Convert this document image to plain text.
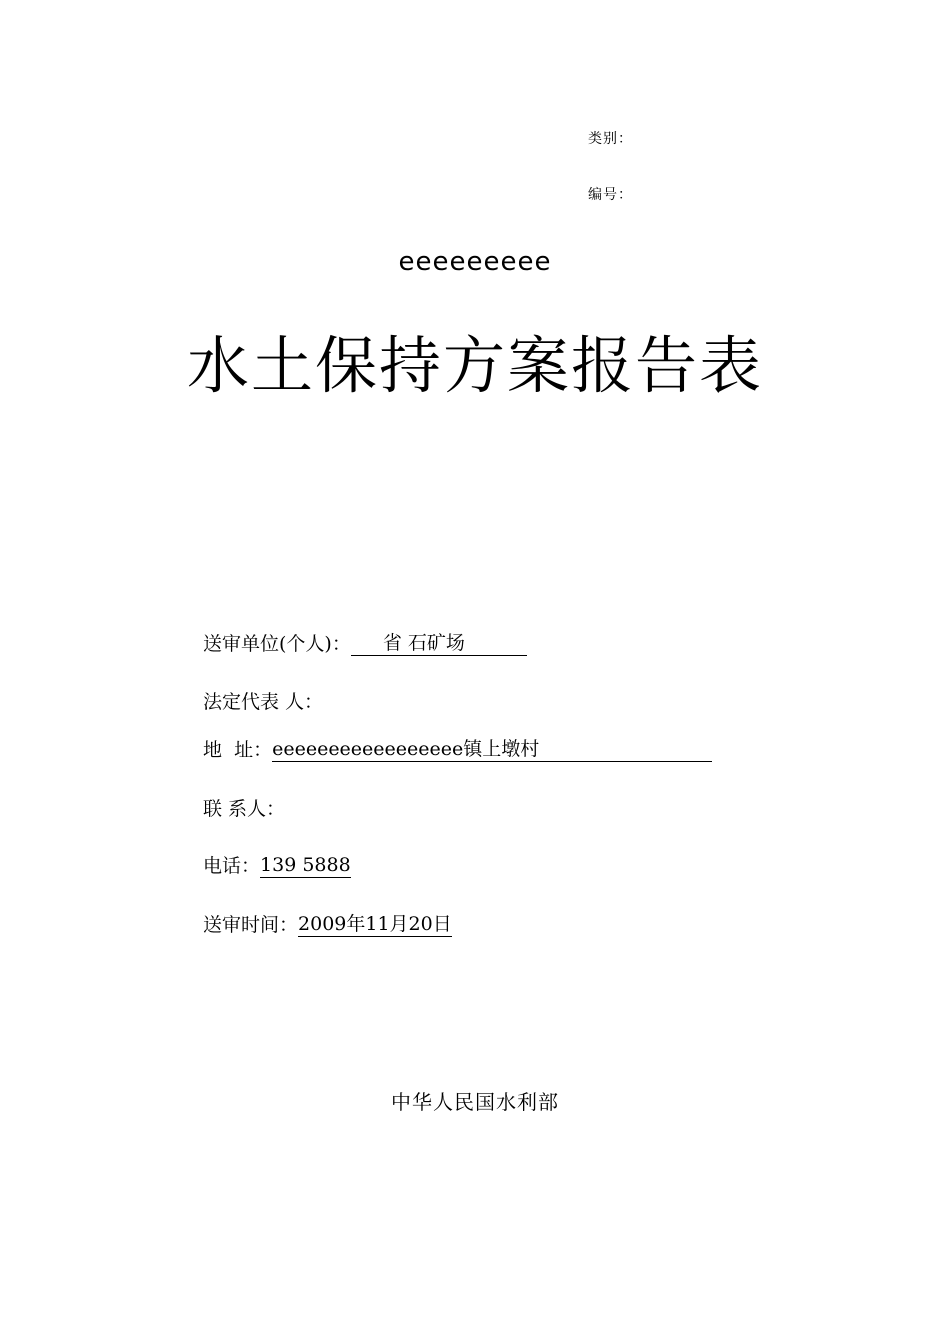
类别：
编号：
eeeeeeeee
水土保持方案报告表
送审单位(个人)： 省 石矿场
法定代表 人：
地  址：eeeeeeeeeeeeeeeee镇上墩村
联 系人：
电话：139 5888
送审时间：2009年11月20日
中华人民国水利部
